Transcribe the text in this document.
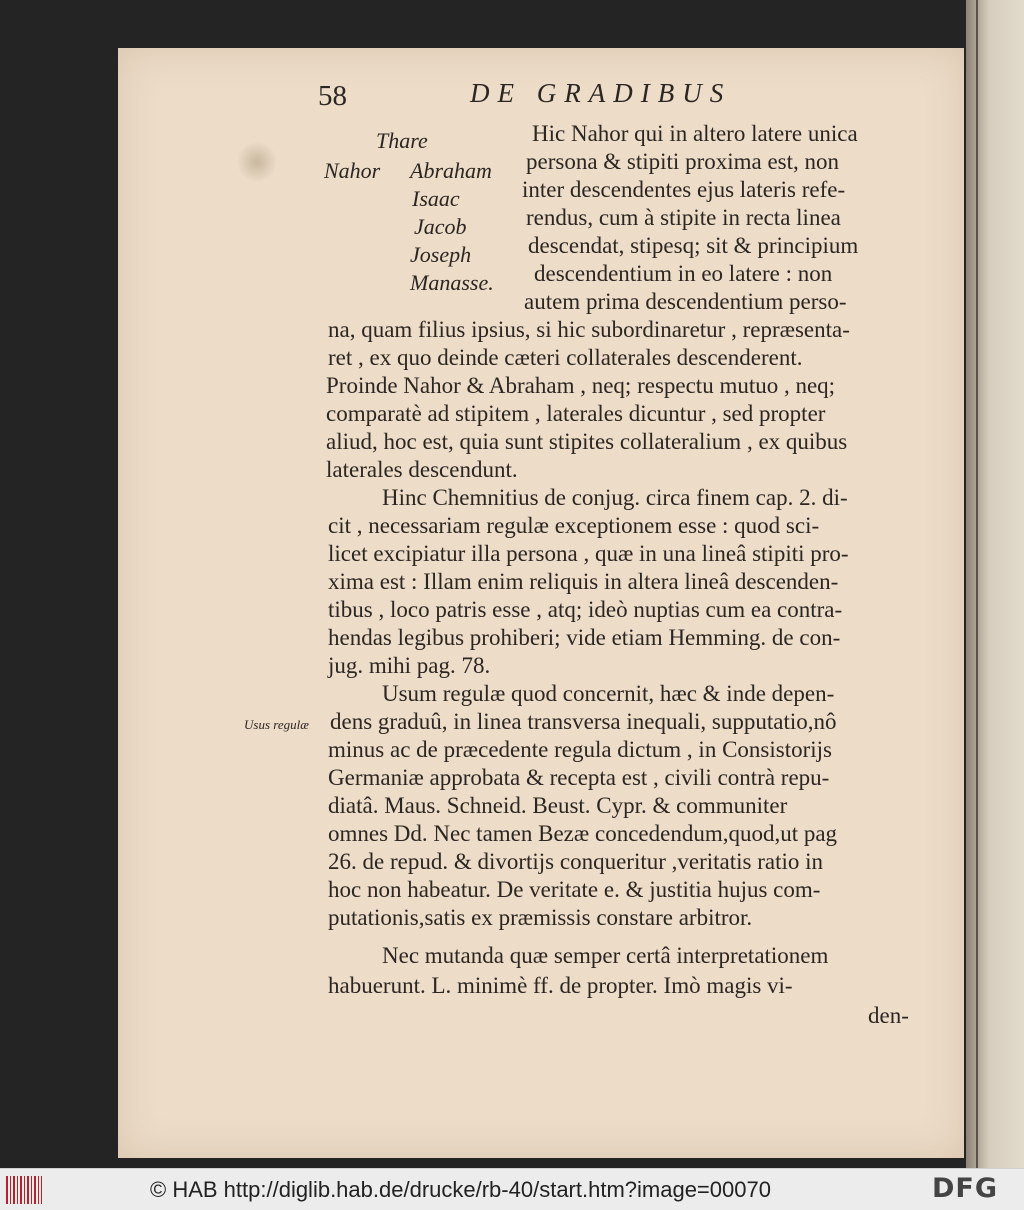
58	DE GRADIBUS
Thare
Nahor Abraham
Isaac
Jacob
Joseph
Manasse.
Hic Nahor qui in altero latere unica
persona & stipiti proxima est, non
inter descendentes ejus lateris refe-
rendus, cum à stipite in recta linea
descendat, stipesq; sit & principium
descendentium in eo latere : non
autem prima descendentium perso-
na, quam filius ipsius, si hic subordinaretur , repræsenta-
ret , ex quo deinde cæteri collaterales descenderent.
Proinde Nahor & Abraham , neq; respectu mutuo , neq;
comparatè ad stipitem , laterales dicuntur , sed propter
aliud, hoc est, quia sunt stipites collateralium , ex quibus
laterales descendunt.
Hinc Chemnitius de conjug. circa finem cap. 2. di-
cit , necessariam regulæ exceptionem esse : quod sci-
licet excipiatur illa persona , quæ in una lineâ stipiti pro-
xima est : Illam enim reliquis in altera lineâ descenden-
tibus , loco patris esse , atq; ideò nuptias cum ea contra-
hendas legibus prohiberi; vide etiam Hemming. de con-
jug. mihi pag. 78.
Usum regulæ quod concernit, hæc & inde depen-
dens graduû, in linea transversa inequali, supputatio,nô
minus ac de præcedente regula dictum , in Consistorijs
Germaniæ approbata & recepta est , civili contrà repu-
diatâ. Maus. Schneid. Beust. Cypr. & communiter
omnes Dd. Nec tamen Bezæ concedendum,quod,ut pag
26. de repud. & divortijs conqueritur ,veritatis ratio in
hoc non habeatur. De veritate e. & justitia hujus com-
putationis,satis ex præmissis constare arbitror.
Nec mutanda quæ semper certâ interpretationem
habuerunt. L. minimè ff. de propter. Imò magis vi-
den-
Usus regulæ
© HAB http://diglib.hab.de/drucke/rb-40/start.htm?image=00070	DFG
